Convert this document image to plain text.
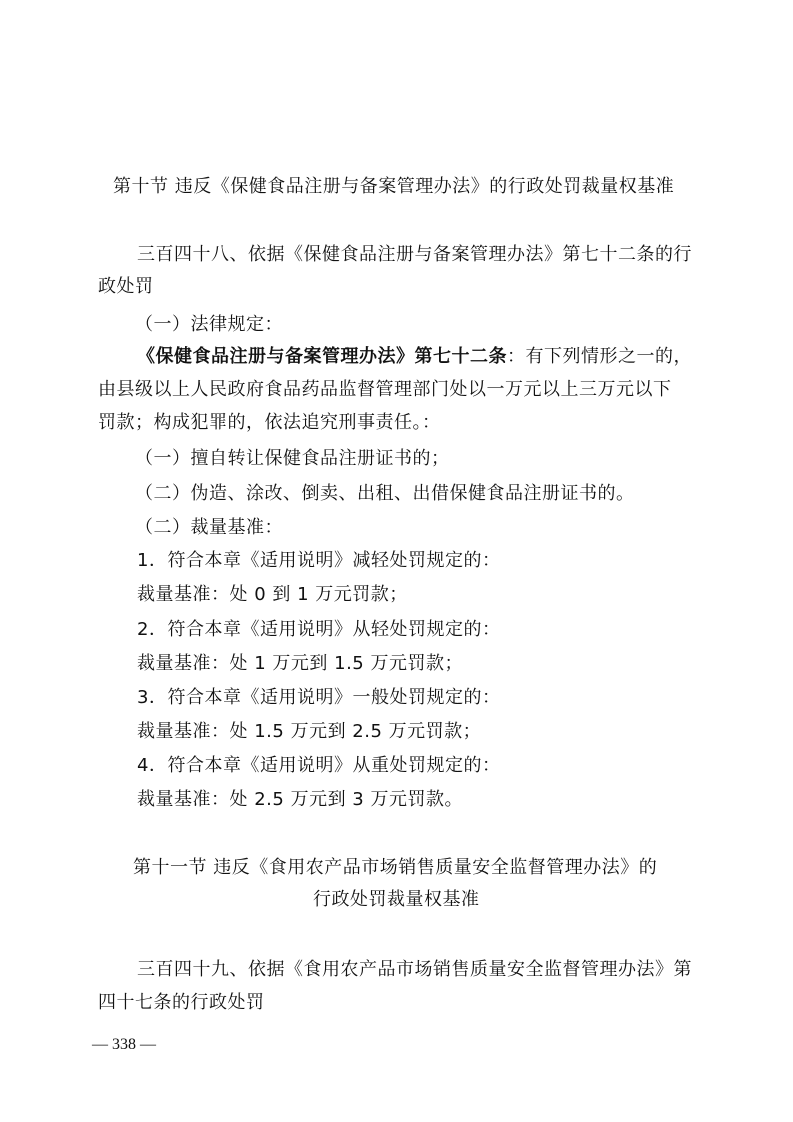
第十节 违反《保健食品注册与备案管理办法》的行政处罚裁量权基准
三百四十八、依据《保健食品注册与备案管理办法》第七十二条的行
政处罚
（一）法律规定：
《保健食品注册与备案管理办法》第七十二条：有下列情形之一的，
由县级以上人民政府食品药品监督管理部门处以一万元以上三万元以下
罚款；构成犯罪的，依法追究刑事责任。：
（一）擅自转让保健食品注册证书的；
（二）伪造、涂改、倒卖、出租、出借保健食品注册证书的。
（二）裁量基准：
1．符合本章《适用说明》减轻处罚规定的：
裁量基准：处 0 到 1 万元罚款；
2．符合本章《适用说明》从轻处罚规定的：
裁量基准：处 1 万元到 1.5 万元罚款；
3．符合本章《适用说明》一般处罚规定的：
裁量基准：处 1.5 万元到 2.5 万元罚款；
4．符合本章《适用说明》从重处罚规定的：
裁量基准：处 2.5 万元到 3 万元罚款。
第十一节 违反《食用农产品市场销售质量安全监督管理办法》的
行政处罚裁量权基准
三百四十九、依据《食用农产品市场销售质量安全监督管理办法》第
四十七条的行政处罚
— 338 —
